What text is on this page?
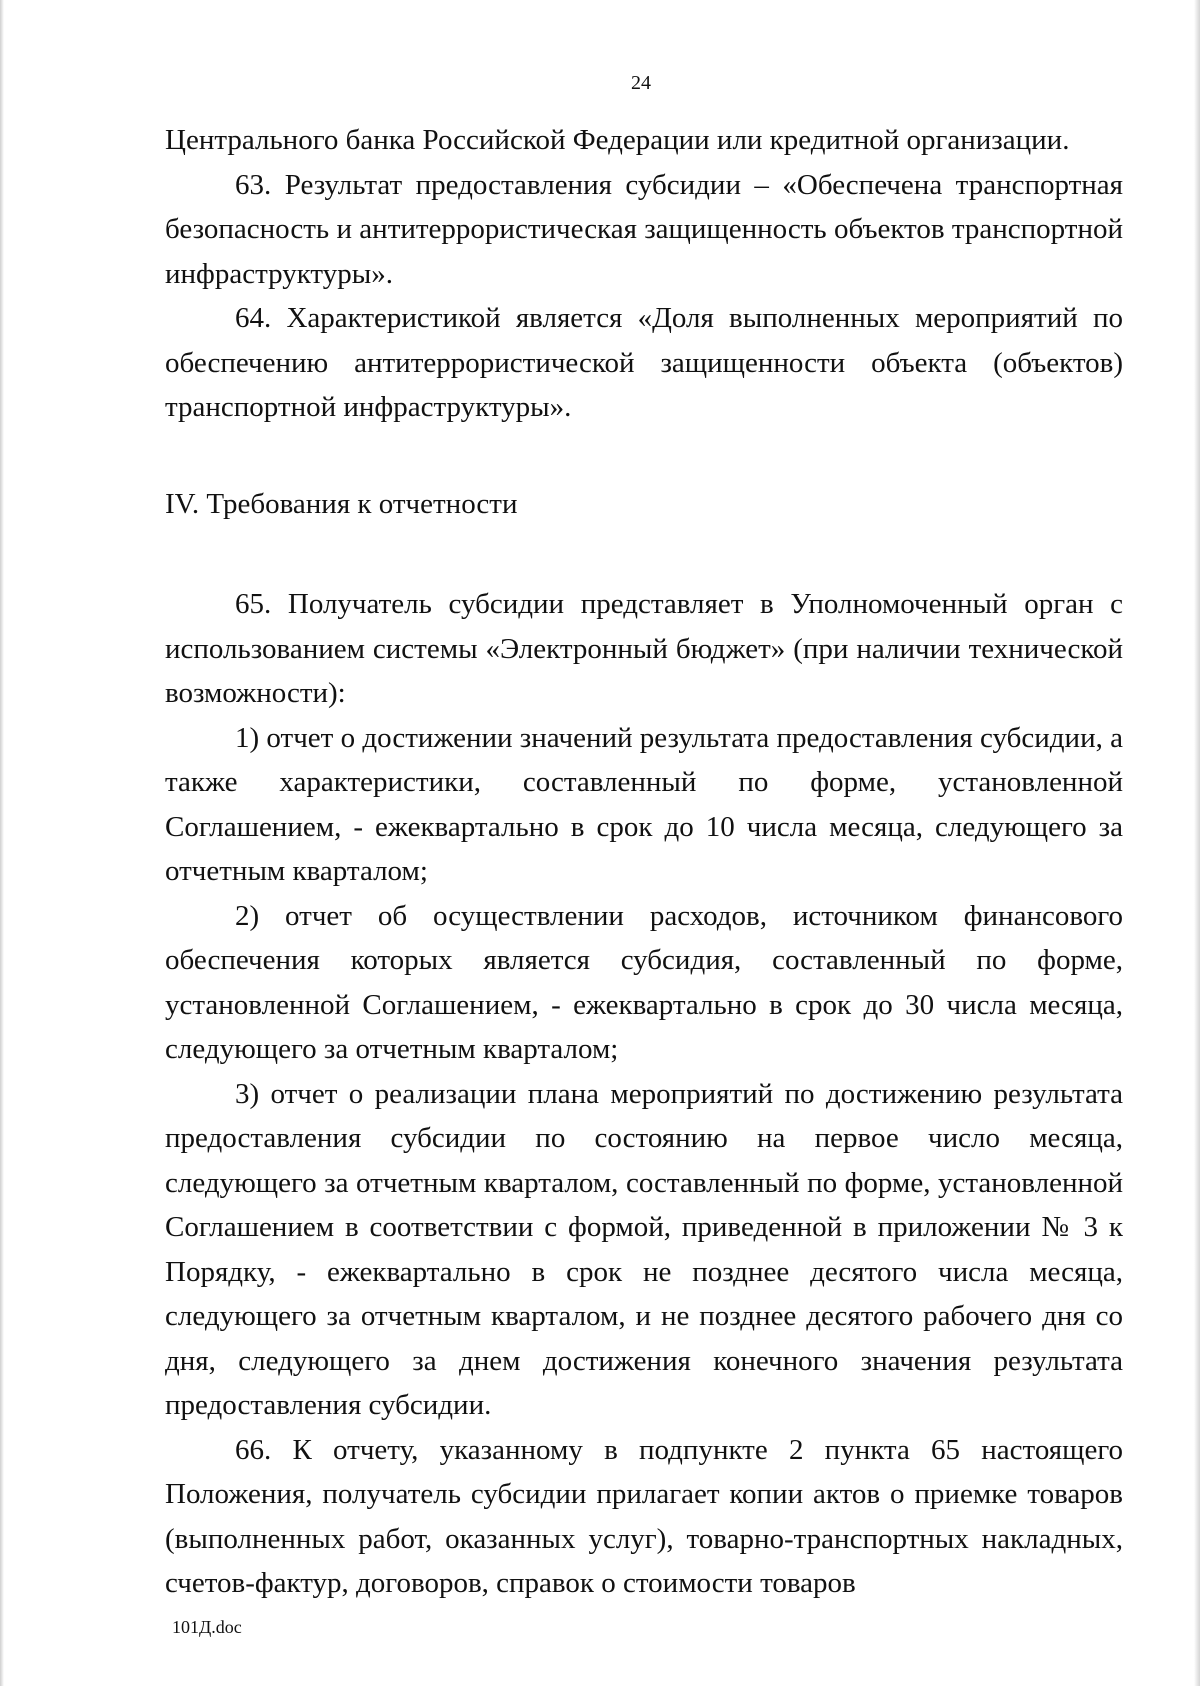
24

Центрального банка Российской Федерации или кредитной организации.

63. Результат предоставления субсидии – «Обеспечена транспортная безопасность и антитеррористическая защищенность объектов транспортной инфраструктуры».

64. Характеристикой является «Доля выполненных мероприятий по обеспечению антитеррористической защищенности объекта (объектов) транспортной инфраструктуры».

IV. Требования к отчетности

65. Получатель субсидии представляет в Уполномоченный орган с использованием системы «Электронный бюджет» (при наличии технической возможности):

1) отчет о достижении значений результата предоставления субсидии, а также характеристики, составленный по форме, установленной Соглашением, - ежеквартально в срок до 10 числа месяца, следующего за отчетным кварталом;

2) отчет об осуществлении расходов, источником финансового обеспечения которых является субсидия, составленный по форме, установленной Соглашением, - ежеквартально в срок до 30 числа месяца, следующего за отчетным кварталом;

3) отчет о реализации плана мероприятий по достижению результата предоставления субсидии по состоянию на первое число месяца, следующего за отчетным кварталом, составленный по форме, установленной Соглашением в соответствии с формой, приведенной в приложении № 3 к Порядку, - ежеквартально в срок не позднее десятого числа месяца, следующего за отчетным кварталом, и не позднее десятого рабочего дня со дня, следующего за днем достижения конечного значения результата предоставления субсидии.

66. К отчету, указанному в подпункте 2 пункта 65 настоящего Положения, получатель субсидии прилагает копии актов о приемке товаров (выполненных работ, оказанных услуг), товарно-транспортных накладных, счетов-фактур, договоров, справок о стоимости товаров

101Д.doc
